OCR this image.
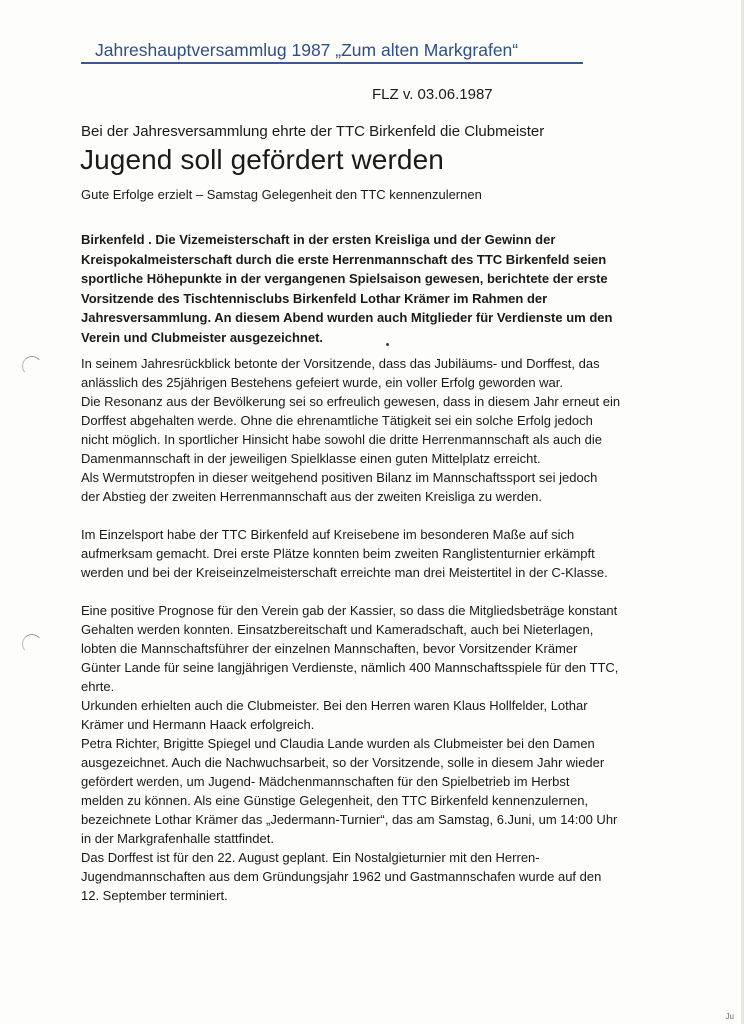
Jahreshauptversammlug 1987 „Zum alten Markgrafen“

FLZ v. 03.06.1987

Bei der Jahresversammlung ehrte der TTC Birkenfeld die Clubmeister

Jugend soll gefördert werden

Gute Erfolge erzielt – Samstag Gelegenheit den TTC kennenzulernen

Birkenfeld . Die Vizemeisterschaft in der ersten Kreisliga und der Gewinn der Kreispokalmeisterschaft durch die erste Herrenmannschaft des TTC Birkenfeld seien sportliche Höhepunkte in der vergangenen Spielsaison gewesen, berichtete der erste Vorsitzende des Tischtennisclubs Birkenfeld Lothar Krämer im Rahmen der Jahresversammlung. An diesem Abend wurden auch Mitglieder für Verdienste um den Verein und Clubmeister ausgezeichnet.

In seinem Jahresrückblick betonte der Vorsitzende, dass das Jubiläums- und Dorffest, das

anlässlich des 25jährigen Bestehens gefeiert wurde, ein voller Erfolg geworden war.

Die Resonanz aus der Bevölkerung sei so erfreulich gewesen, dass in diesem Jahr erneut ein

Dorffest abgehalten werde. Ohne die ehrenamtliche Tätigkeit sei ein solche Erfolg jedoch

nicht möglich. In sportlicher Hinsicht habe sowohl die dritte Herrenmannschaft als auch die

Damenmannschaft in der jeweiligen Spielklasse einen guten Mittelplatz erreicht.

Als Wermutstropfen in dieser weitgehend positiven Bilanz im Mannschaftssport sei jedoch

der Abstieg der zweiten Herrenmannschaft aus der zweiten Kreisliga zu werden.

Im Einzelsport habe der TTC Birkenfeld auf Kreisebene im besonderen Maße auf sich

aufmerksam gemacht. Drei erste Plätze konnten beim zweiten Ranglistenturnier erkämpft

werden und bei der Kreiseinzelmeisterschaft erreichte man drei Meistertitel in der C-Klasse.

Eine positive Prognose für den Verein gab der Kassier, so dass die Mitgliedsbeträge konstant

Gehalten werden konnten. Einsatzbereitschaft und Kameradschaft, auch bei Nieterlagen,

lobten die Mannschaftsführer der einzelnen Mannschaften, bevor Vorsitzender Krämer

Günter Lande für seine langjährigen Verdienste, nämlich 400 Mannschaftsspiele für den TTC,

ehrte.

Urkunden erhielten auch die Clubmeister. Bei den Herren waren Klaus Hollfelder, Lothar

Krämer und Hermann Haack erfolgreich.

Petra Richter, Brigitte Spiegel und Claudia Lande wurden als Clubmeister bei den Damen

ausgezeichnet. Auch die Nachwuchsarbeit, so der Vorsitzende, solle in diesem Jahr wieder

gefördert werden, um Jugend- Mädchenmannschaften für den Spielbetrieb im Herbst

melden zu können. Als eine Günstige Gelegenheit, den TTC Birkenfeld kennenzulernen,

bezeichnete Lothar Krämer das „Jedermann-Turnier“, das am Samstag, 6.Juni, um 14:00 Uhr

in der Markgrafenhalle stattfindet.

Das Dorffest ist für den 22. August geplant. Ein Nostalgieturnier mit den Herren-

Jugendmannschaften aus dem Gründungsjahr 1962 und Gastmannschafen wurde auf den

12. September terminiert.

Ju
